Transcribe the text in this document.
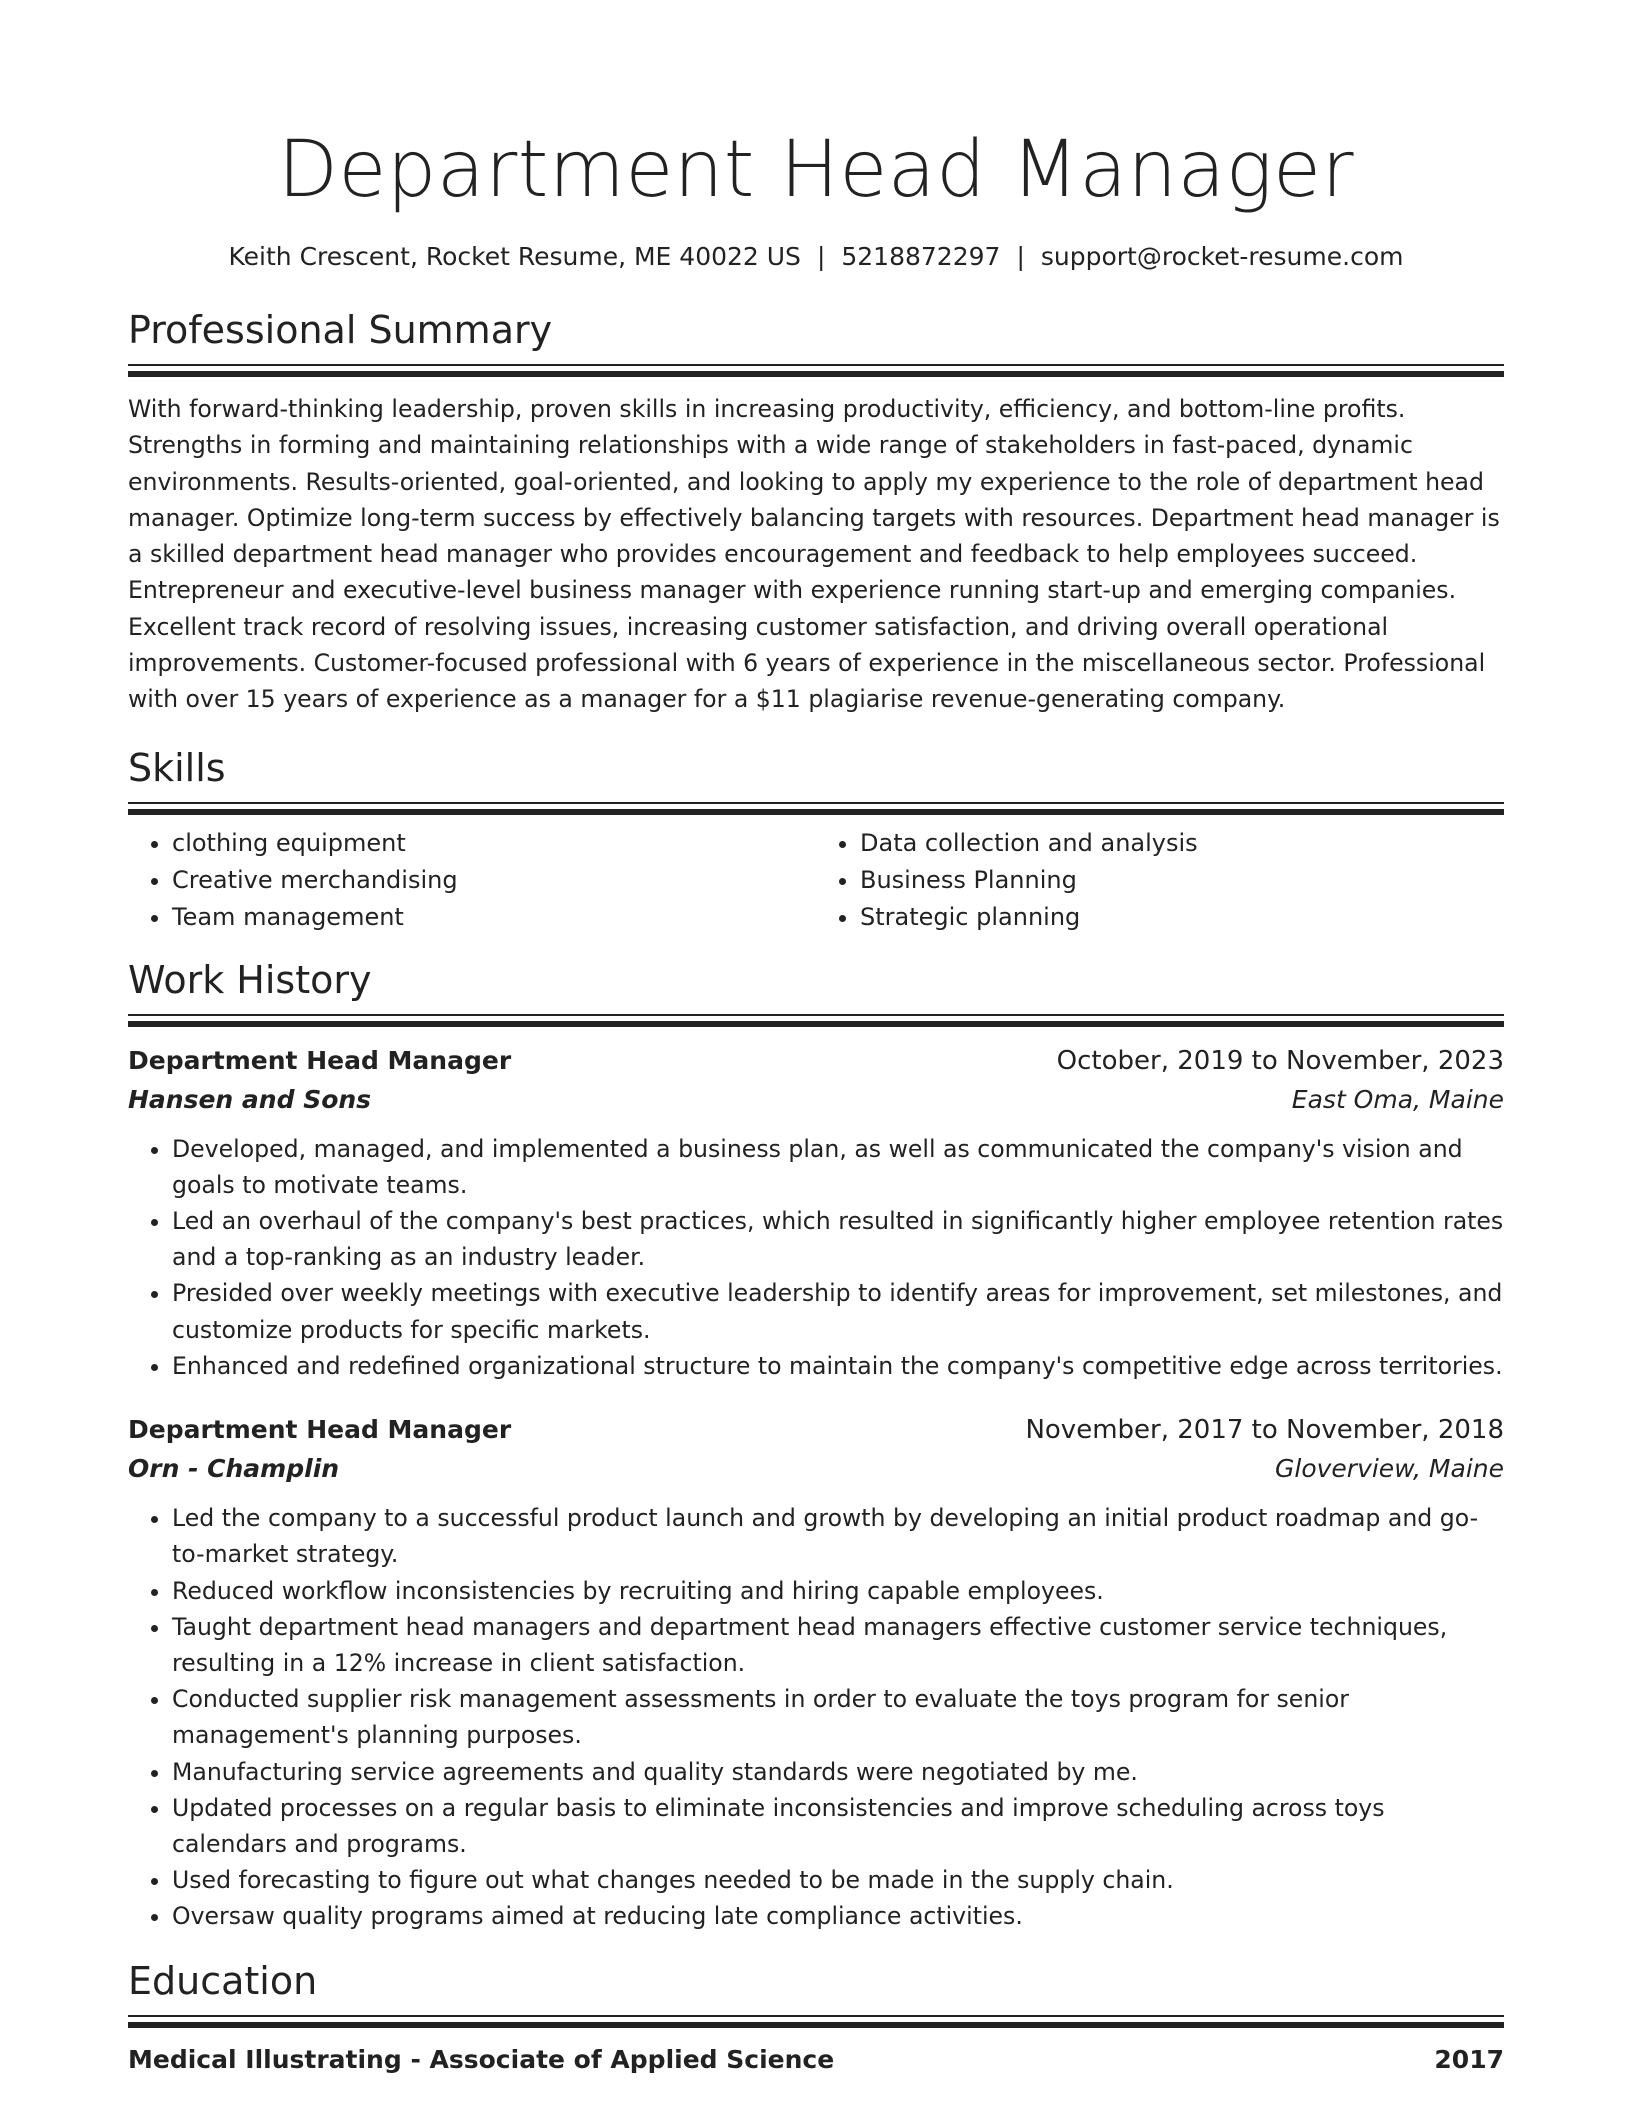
Department Head Manager
Keith Crescent, Rocket Resume, ME 40022 US | 5218872297 | support@rocket-resume.com
Professional Summary

With forward-thinking leadership, proven skills in increasing productivity, efficiency, and bottom-line profits. Strengths in forming and maintaining relationships with a wide range of stakeholders in fast-paced, dynamic environments. Results-oriented, goal-oriented, and looking to apply my experience to the role of department head manager. Optimize long-term success by effectively balancing targets with resources. Department head manager is a skilled department head manager who provides encouragement and feedback to help employees succeed. Entrepreneur and executive-level business manager with experience running start-up and emerging companies. Excellent track record of resolving issues, increasing customer satisfaction, and driving overall operational improvements. Customer-focused professional with 6 years of experience in the miscellaneous sector. Professional with over 15 years of experience as a manager for a $11 plagiarise revenue-generating company.

Skills
• clothing equipment
• Creative merchandising
• Team management
• Data collection and analysis
• Business Planning
• Strategic planning
Work History
Department Head Manager	October, 2019 to November, 2023
Hansen and Sons	East Oma, Maine
• Developed, managed, and implemented a business plan, as well as communicated the company's vision and goals to motivate teams.
• Led an overhaul of the company's best practices, which resulted in significantly higher employee retention rates and a top-ranking as an industry leader.
• Presided over weekly meetings with executive leadership to identify areas for improvement, set milestones, and customize products for specific markets.
• Enhanced and redefined organizational structure to maintain the company's competitive edge across territories.
Department Head Manager	November, 2017 to November, 2018
Orn - Champlin	Gloverview, Maine
• Led the company to a successful product launch and growth by developing an initial product roadmap and go-to-market strategy.
• Reduced workflow inconsistencies by recruiting and hiring capable employees.
• Taught department head managers and department head managers effective customer service techniques, resulting in a 12% increase in client satisfaction.
• Conducted supplier risk management assessments in order to evaluate the toys program for senior management's planning purposes.
• Manufacturing service agreements and quality standards were negotiated by me.
• Updated processes on a regular basis to eliminate inconsistencies and improve scheduling across toys calendars and programs.
• Used forecasting to figure out what changes needed to be made in the supply chain.
• Oversaw quality programs aimed at reducing late compliance activities.
Education
Medical Illustrating - Associate of Applied Science	2017
